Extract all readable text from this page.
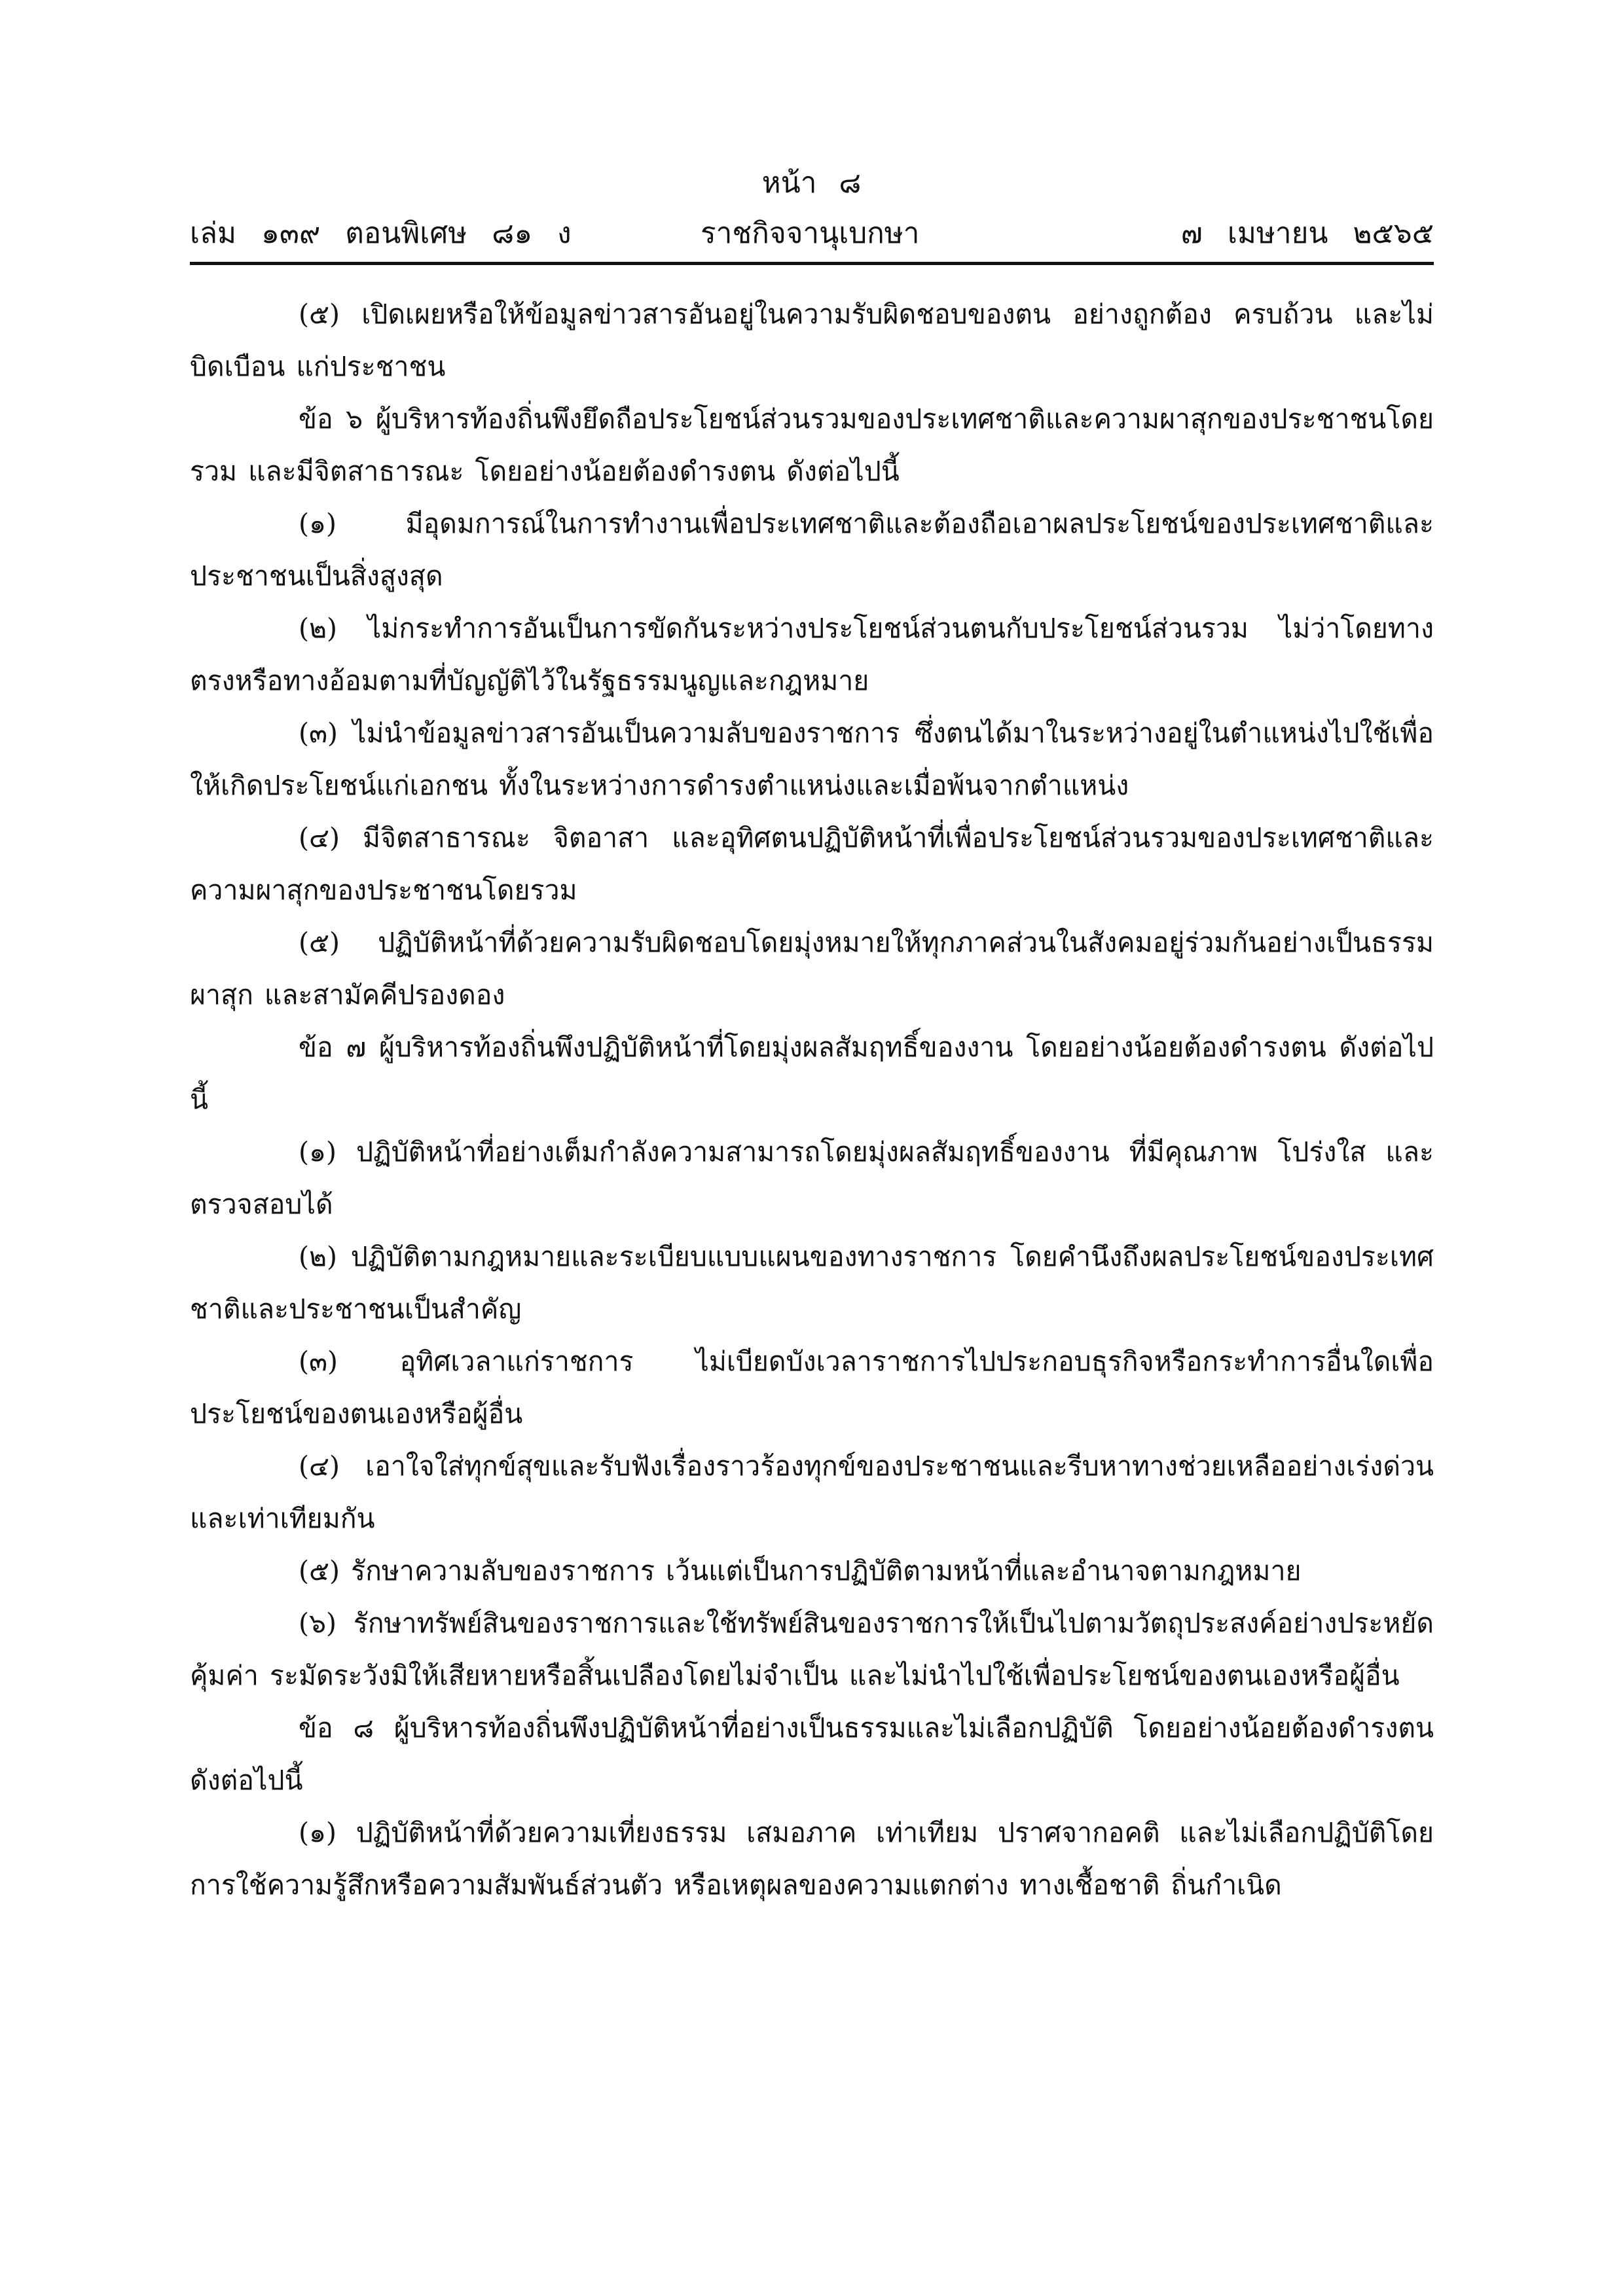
หน้า ๘
เล่ม ๑๓๙ ตอนพิเศษ ๘๑ ง	ราชกิจจานุเบกษา	๗ เมษายน ๒๕๖๕

(๕) เปิดเผยหรือให้ข้อมูลข่าวสารอันอยู่ในความรับผิดชอบของตน อย่างถูกต้อง ครบถ้วน และไม่บิดเบือน แก่ประชาชน

ข้อ ๖ ผู้บริหารท้องถิ่นพึงยึดถือประโยชน์ส่วนรวมของประเทศชาติและความผาสุกของประชาชนโดยรวม และมีจิตสาธารณะ โดยอย่างน้อยต้องดำรงตน ดังต่อไปนี้

(๑) มีอุดมการณ์ในการทำงานเพื่อประเทศชาติและต้องถือเอาผลประโยชน์ของประเทศชาติและประชาชนเป็นสิ่งสูงสุด

(๒) ไม่กระทำการอันเป็นการขัดกันระหว่างประโยชน์ส่วนตนกับประโยชน์ส่วนรวม ไม่ว่าโดยทางตรงหรือทางอ้อมตามที่บัญญัติไว้ในรัฐธรรมนูญและกฎหมาย

(๓) ไม่นำข้อมูลข่าวสารอันเป็นความลับของราชการ ซึ่งตนได้มาในระหว่างอยู่ในตำแหน่งไปใช้เพื่อให้เกิดประโยชน์แก่เอกชน ทั้งในระหว่างการดำรงตำแหน่งและเมื่อพ้นจากตำแหน่ง

(๔) มีจิตสาธารณะ จิตอาสา และอุทิศตนปฏิบัติหน้าที่เพื่อประโยชน์ส่วนรวมของประเทศชาติและความผาสุกของประชาชนโดยรวม

(๕) ปฏิบัติหน้าที่ด้วยความรับผิดชอบโดยมุ่งหมายให้ทุกภาคส่วนในสังคมอยู่ร่วมกันอย่างเป็นธรรม ผาสุก และสามัคคีปรองดอง

ข้อ ๗ ผู้บริหารท้องถิ่นพึงปฏิบัติหน้าที่โดยมุ่งผลสัมฤทธิ์ของงาน โดยอย่างน้อยต้องดำรงตน ดังต่อไปนี้

(๑) ปฏิบัติหน้าที่อย่างเต็มกำลังความสามารถโดยมุ่งผลสัมฤทธิ์ของงาน ที่มีคุณภาพ โปร่งใส และตรวจสอบได้

(๒) ปฏิบัติตามกฎหมายและระเบียบแบบแผนของทางราชการ โดยคำนึงถึงผลประโยชน์ของประเทศชาติและประชาชนเป็นสำคัญ

(๓) อุทิศเวลาแก่ราชการ ไม่เบียดบังเวลาราชการไปประกอบธุรกิจหรือกระทำการอื่นใดเพื่อประโยชน์ของตนเองหรือผู้อื่น

(๔) เอาใจใส่ทุกข์สุขและรับฟังเรื่องราวร้องทุกข์ของประชาชนและรีบหาทางช่วยเหลืออย่างเร่งด่วนและเท่าเทียมกัน

(๕) รักษาความลับของราชการ เว้นแต่เป็นการปฏิบัติตามหน้าที่และอำนาจตามกฎหมาย

(๖) รักษาทรัพย์สินของราชการและใช้ทรัพย์สินของราชการให้เป็นไปตามวัตถุประสงค์อย่างประหยัด คุ้มค่า ระมัดระวังมิให้เสียหายหรือสิ้นเปลืองโดยไม่จำเป็น และไม่นำไปใช้เพื่อประโยชน์ของตนเองหรือผู้อื่น

ข้อ ๘ ผู้บริหารท้องถิ่นพึงปฏิบัติหน้าที่อย่างเป็นธรรมและไม่เลือกปฏิบัติ โดยอย่างน้อยต้องดำรงตน ดังต่อไปนี้

(๑) ปฏิบัติหน้าที่ด้วยความเที่ยงธรรม เสมอภาค เท่าเทียม ปราศจากอคติ และไม่เลือกปฏิบัติโดยการใช้ความรู้สึกหรือความสัมพันธ์ส่วนตัว หรือเหตุผลของความแตกต่าง ทางเชื้อชาติ ถิ่นกำเนิด
